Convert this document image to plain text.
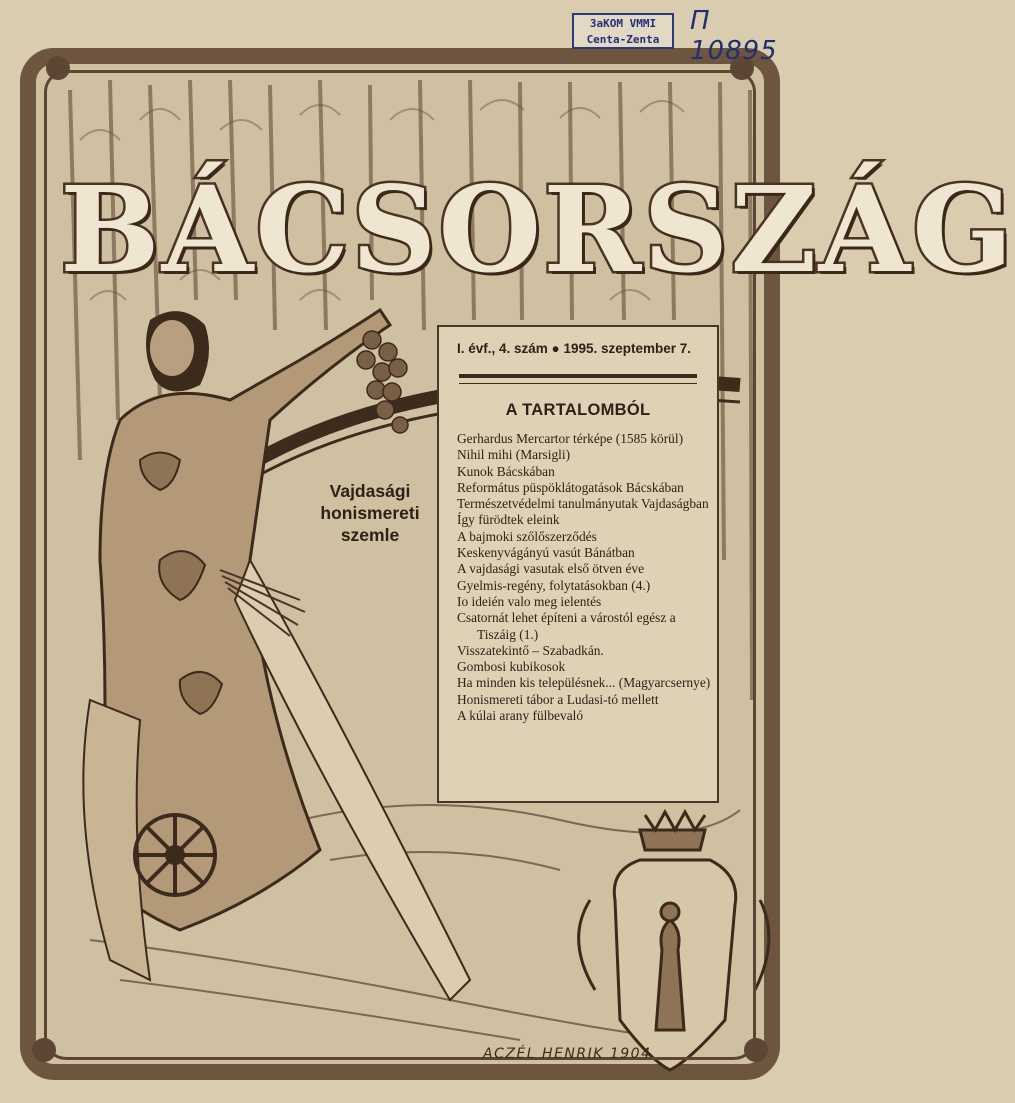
3aKOM VMMI
Centa-Zenta
П 10895
BÁCSORSZÁG
Vajdasági
honismereti
szemle
I. évf., 4. szám ● 1995. szeptember 7.
A TARTALOMBÓL
Gerhardus Mercartor térképe (1585 körül)
Nihil mihi (Marsigli)
Kunok Bácskában
Református püspöklátogatások Bácskában
Természetvédelmi tanulmányutak Vajdaságban
Így fürödtek eleink
A bajmoki szőlőszerződés
Keskenyvágányú vasút Bánátban
A vajdasági vasutak első ötven éve
Gyelmis-regény, folytatásokban (4.)
Io ideién valo meg ielentés
Csatornát lehet építeni a várostól egész a Tiszáig (1.)
Visszatekintő – Szabadkán.
Gombosi kubikosok
Ha minden kis településnek... (Magyarcsernye)
Honismereti tábor a Ludasi-tó mellett
A kúlai arany fülbevaló
ACZÉL HENRIK 1904
